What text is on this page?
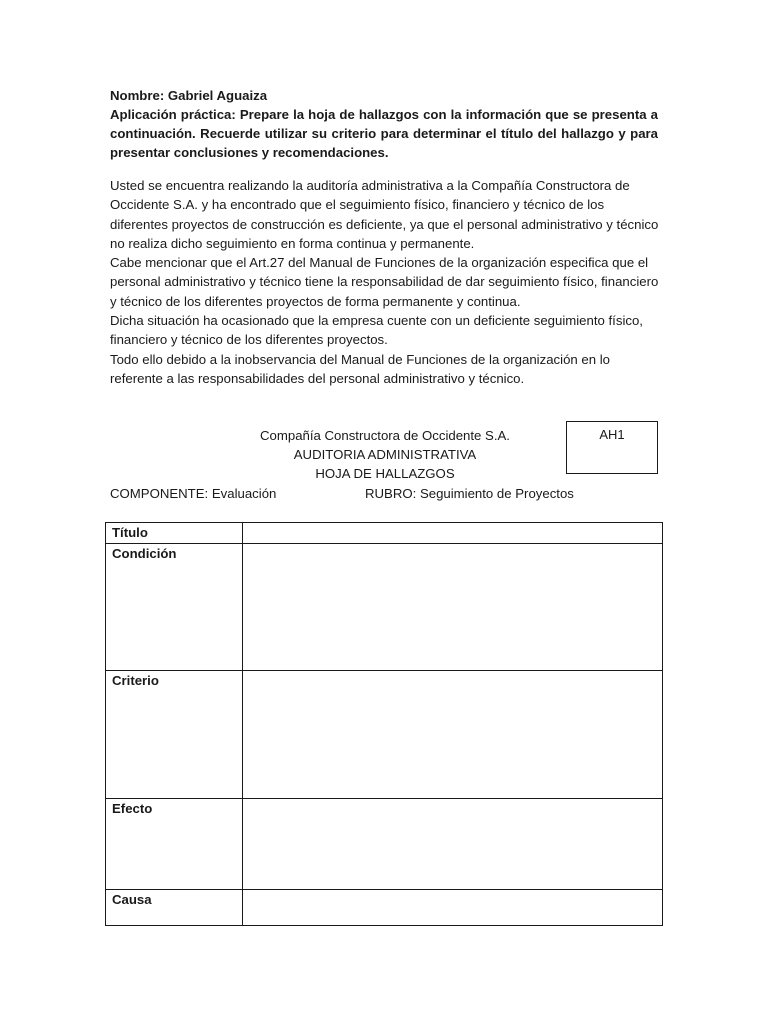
Nombre: Gabriel Aguaiza

Aplicación práctica: Prepare la hoja de hallazgos con la información que se presenta a continuación. Recuerde utilizar su criterio para determinar el título del hallazgo y para presentar conclusiones y recomendaciones.

Usted se encuentra realizando la auditoría administrativa a la Compañía Constructora de Occidente S.A. y ha encontrado que el seguimiento físico, financiero y técnico de los diferentes proyectos de construcción es deficiente, ya que el personal administrativo y técnico no realiza dicho seguimiento en forma continua y permanente.

Cabe mencionar que el Art.27 del Manual de Funciones de la organización especifica que el personal administrativo y técnico tiene la responsabilidad de dar seguimiento físico, financiero y técnico de los diferentes proyectos de forma permanente y continua.

Dicha situación ha ocasionado que la empresa cuente con un deficiente seguimiento físico, financiero y técnico de los diferentes proyectos.

Todo ello debido a la inobservancia del Manual de Funciones de la organización en lo referente a las responsabilidades del personal administrativo y técnico.

Compañía Constructora de Occidente S.A.
AUDITORIA ADMINISTRATIVA
HOJA DE HALLAZGOS
AH1
COMPONENTE: Evaluación	RUBRO: Seguimiento de Proyectos
Título	
Condición	
Criterio	
Efecto	
Causa	
